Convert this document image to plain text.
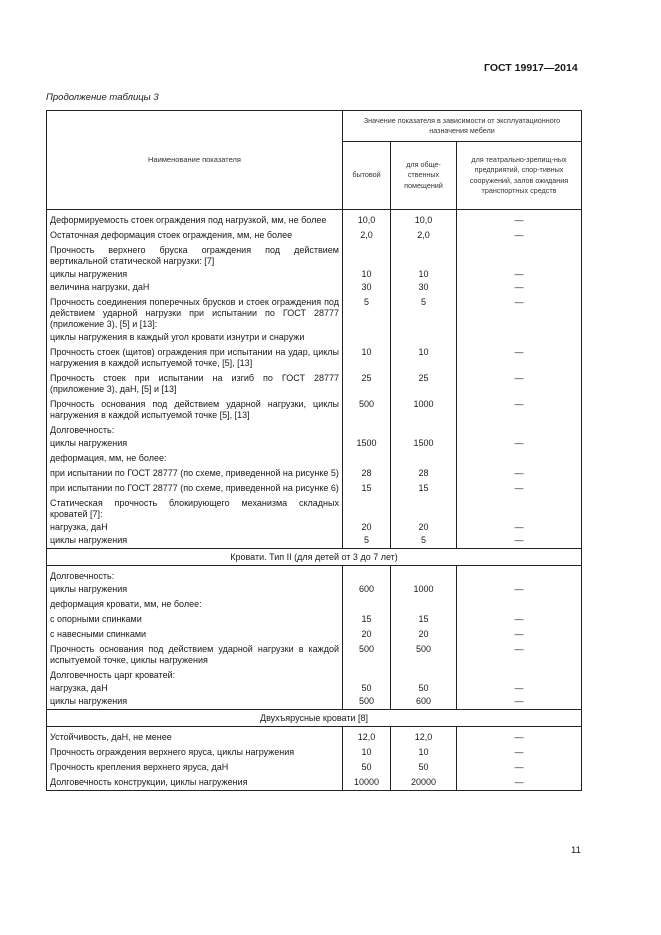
ГОСТ 19917—2014
Продолжение таблицы 3
Наименование показателя	Значение показателя в зависимости от эксплуатационного назначения мебели		
	бытовой	для обще-ственных помещений	для театрально-зрелищ-ных предприятий, спор-тивных сооружений, залов ожидания транспортных средств

Деформируемость стоек ограждения под нагрузкой, мм, не более	10,0	10,0	—
Остаточная деформация стоек ограждения, мм, не более	2,0	2,0	—
Прочность верхнего бруска ограждения под действием вертикальной статической нагрузки: [7]			
циклы нагружения	10	10	—
величина нагрузки, даН	30	30	—
Прочность соединения поперечных брусков и стоек ограждения под действием ударной нагрузки при испытании по ГОСТ 28777 (приложение 3), [5] и [13]:	5	5	—
циклы нагружения в каждый угол кровати изнутри и снаружи			
Прочность стоек (щитов) ограждения при испытании на удар, циклы нагружения в каждой испытуемой точке, [5], [13]	10	10	—
Прочность стоек при испытании на изгиб по ГОСТ 28777 (приложение 3), даН, [5] и [13]	25	25	—
Прочность основания под действием ударной нагрузки, циклы нагружения в каждой испытуемой точке [5], [13]	500	1000	—
Долговечность:			
циклы нагружения	1500	1500	—
деформация, мм, не более:			
при испытании по ГОСТ 28777 (по схеме, приведенной на рисунке 5)	28	28	—
при испытании по ГОСТ 28777 (по схеме, приведенной на рисунке 6)	15	15	—
Статическая прочность блокирующего механизма складных кроватей [7]:			
нагрузка, даН	20	20	—
циклы нагружения	5	5	—
Кровати. Тип II (для детей от 3 до 7 лет)			

Долговечность:			
циклы нагружения	600	1000	—
деформация кровати, мм, не более:			
с опорными спинками	15	15	—
с навесными спинками	20	20	—
Прочность основания под действием ударной нагрузки в каждой испытуемой точке, циклы нагружения	500	500	—
Долговечность царг кроватей:			
нагрузка, даН	50	50	—
циклы нагружения	500	600	—
Двухъярусные кровати [8]			

Устойчивость, даН, не менее	12,0	12,0	—
Прочность ограждения верхнего яруса, циклы нагружения	10	10	—
Прочность крепления верхнего яруса, даН	50	50	—
Долговечность конструкции, циклы нагружения	10000	20000	—
11
